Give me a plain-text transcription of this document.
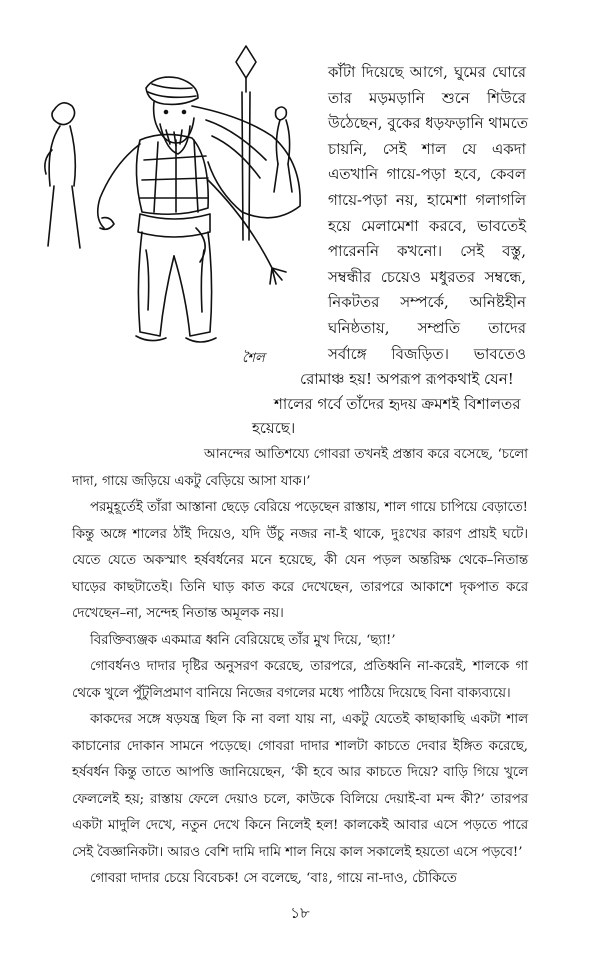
শৈল
কাঁটা দিয়েছে আগে, ঘুমের ঘোরে
তার মড়মড়ানি শুনে শিউরে
উঠেছেন, বুকের ধড়ফড়ানি থামতে
চায়নি, সেই শাল যে একদা
এতখানি গায়ে-পড়া হবে, কেবল
গায়ে-পড়া নয়, হামেশা গলাগলি
হয়ে মেলামেশা করবে, ভাবতেই
পারেননি কখনো। সেই বস্তু,
সম্বন্ধীর চেয়েও মধুরতর সম্বন্ধে,
নিকটতর সম্পর্কে, অনিষ্টহীন
ঘনিষ্ঠতায়, সম্প্রতি তাদের
সর্বাঙ্গে বিজড়িত। ভাবতেও
রোমাঞ্চ হয়! অপরূপ রূপকথাই যেন!
শালের গর্বে তাঁদের হৃদয় ক্রমশই বিশালতর
হয়েছে।

আনন্দের আতিশয্যে গোবরা তখনই প্রস্তাব করে বসেছে, ‘চলো দাদা, গায়ে জড়িয়ে একটু বেড়িয়ে আসা যাক।’

পরমুহূর্তেই তাঁরা আস্তানা ছেড়ে বেরিয়ে পড়েছেন রাস্তায়, শাল গায়ে চাপিয়ে বেড়াতে! কিন্তু অঙ্গে শালের ঠাঁই দিয়েও, যদি উঁচু নজর না-ই থাকে, দুঃখের কারণ প্রায়ই ঘটে। যেতে যেতে অকস্মাৎ হর্ষবর্ধনের মনে হয়েছে, কী যেন পড়ল অন্তরিক্ষ থেকে–নিতান্ত ঘাড়ের কাছটাতেই। তিনি ঘাড় কাত করে দেখেছেন, তারপরে আকাশে দৃকপাত করে দেখেছেন–না, সন্দেহ নিতান্ত অমূলক নয়।

বিরক্তিব্যঞ্জক একমাত্র ধ্বনি বেরিয়েছে তাঁর মুখ দিয়ে, ‘ছ্যা!’

গোবর্ধনও দাদার দৃষ্টির অনুসরণ করেছে, তারপরে, প্রতিধ্বনি না-করেই, শালকে গা থেকে খুলে পুঁটুলিপ্রমাণ বানিয়ে নিজের বগলের মধ্যে পাঠিয়ে দিয়েছে বিনা বাক্যব্যয়ে।

কাকদের সঙ্গে ষড়যন্ত্র ছিল কি না বলা যায় না, একটু যেতেই কাছাকাছি একটা শাল কাচানোর দোকান সামনে পড়েছে। গোবরা দাদার শালটা কাচতে দেবার ইঙ্গিত করেছে, হর্ষবর্ধন কিন্তু তাতে আপত্তি জানিয়েছেন, ‘কী হবে আর কাচতে দিয়ে? বাড়ি গিয়ে খুলে ফেললেই হয়; রাস্তায় ফেলে দেয়াও চলে, কাউকে বিলিয়ে দেয়াই-বা মন্দ কী?’ তারপর একটা মাদুলি দেখে, নতুন দেখে কিনে নিলেই হল! কালকেই আবার এসে পড়তে পারে সেই বৈজ্ঞানিকটা। আরও বেশি দামি দামি শাল নিয়ে কাল সকালেই হয়তো এসে পড়বে!’

গোবরা দাদার চেয়ে বিবেচক! সে বলেছে, ‘বাঃ, গায়ে না-দাও, চৌকিতে

১৮
